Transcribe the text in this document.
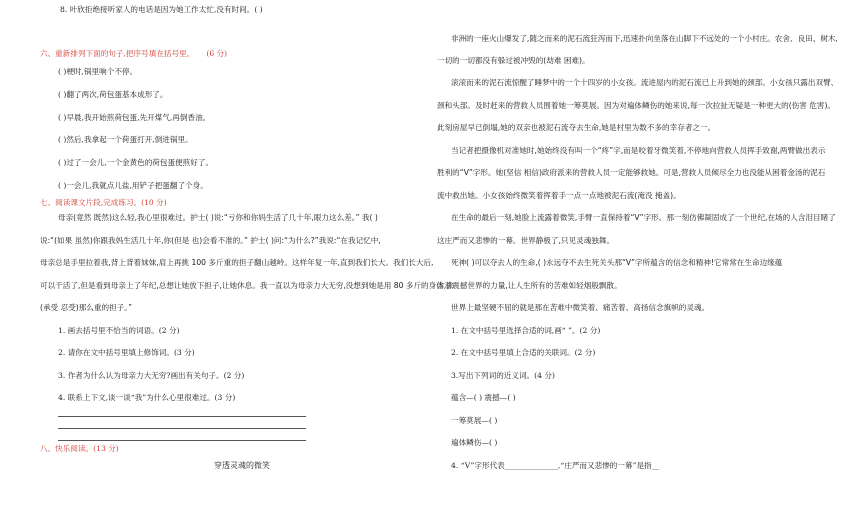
8. 叶欣拒绝接听家人的电话是因为她工作太忙,没有时间。( )
六、重新排列下面的句子,把序号填在括号里。 (6 分)
( )梗时,锅里响个不停。
( )翻了两次,荷包蛋基本成形了。
( )早晨,我开始煎荷包蛋,先开煤气,再倒香油。
( )然后,我拿起一个荷蛋打开,倒进锅里。
( )过了一会儿,一个金黄色的荷包蛋便煎好了。
( )一会儿,我就点儿盐,用铲子把蛋翻了个身。
七、阅读课文片段,完成练习。(10 分)
母亲(竟然 既然)这么轻,我心里很难过。护士( )说:“亏你和你妈生活了几十年,眼力这么差。” 我( )
说:“(如果 虽然)你跟我妈生活几十年,你(但是 也)会看不准的。” 护士( )问:“为什么?”我说:“在我记忆中,
母亲总是手里拉着我,背上背着妹妹,肩上再挑 100 多斤重的担子翻山越岭。这样年复一年,直到我们长大。我们长大后,
可以干活了,但是看到母亲上了年纪,总想让她放下担子,让她休息。我一直以为母亲力大无穷,没想到她是用 80 多斤的身体,去
(承受 忍受)那么重的担子。”
1. 画去括号里不恰当的词语。(2 分)
2. 请你在文中括号里填上修饰词。(3 分)
3. 作者为什么认为母亲力大无穷?画出有关句子。(2 分)
4. 联系上下文,谈一谈“我”为什么心里很难过。(3 分)
八、快乐阅读。(13 分)
穿透灵魂的微笑
非洲的一座火山爆发了,随之而来的泥石流狂泻而下,迅速扑向坐落在山脚下不远处的一个小村庄。农舍、良田、树木,
一切的一切都没有躲过被冲毁的(劫难 困难)。
滚滚而来的泥石流惊醒了睡梦中的一个十四岁的小女孩。流进屋内的泥石流已上升到她的颈部。小女孩只露出双臂、
颈和头部。及时赶来的营救人员围着她一筹莫展。因为对遍体鳞伤的她来说,每一次拉扯无疑是一种更大的(伤害 危害)。
此刻房屋早已倒塌,她的双亲也被泥石流夺去生命,她是村里为数不多的幸存者之一。
当记者把摄像机对准她时,她始终没有叫一个“疼”字,而是咬着牙微笑着,不停地向营救人员挥手致谢,两臂做出表示
胜利的“V”字形。她(坚信 相信)政府派来的营救人员一定能够救她。可是,营救人员倾尽全力也没能从困着金汤的泥石
流中救出她。小女孩始终微笑着挥着手一点一点地被泥石流(淹没 掩盖)。
在生命的最后一刻,她脸上流露着微笑,手臂一直保持着“V”字形。那一刻仿佛凝固成了一个世纪,在场的人含泪目睹了
这庄严而又悲惨的一幕。世界静极了,只见灵魂独舞。
死神( )可以夺去人的生命,( )永远夺不去生死关头那“V”字所蕴含的信念和精神!它常常在生命边缘蕴
含着震撼世界的力量,让人生所有的苦难如轻烟般飘散。
世界上最坚硬不屈的就是那在苦难中微笑着、痛苦着、高扬信念旗帜的灵魂。
1. 在文中括号里选择合适的词,画“ ”。(2 分)
2. 在文中括号里填上合适的关联词。(2 分)
3.写出下列词的近义词。(4 分)
蕴含—( ) 震撼—( )
一筹莫展—( )
遍体鳞伤—( )
4. “V”字形代表______________,“庄严而又悲惨的一幕”是指__
